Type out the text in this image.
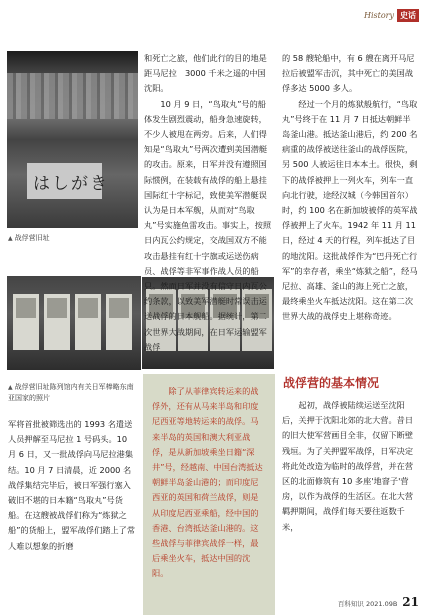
History 史话
はしがき
▲ 战俘营旧址
▲ 战俘营旧址陈列馆内有关日军棒略东南亚国家的照片

和死亡之旅，他们此行的目的地是距马尼拉　3000 千米之遥的中国沈阳。

10 月 9 日，“鸟取丸”号的船体发生剧烈震动，船身急速旋转，不少人被甩在两旁。后来，人们得知是“鸟取丸”号两次遭到美国潜艇的攻击。原来，日军并没有遵照国际惯例，在装载有战俘的船上悬挂国际红十字标记，致使美军潜艇误认为是日本军舰，从而对“鸟取丸”号实施鱼雷攻击。事实上，按照日内瓦公约规定，交战国双方不能攻击悬挂有红十字旗或运送伤病员、战俘等非军事作战人员的船只。然而日军并没有信守日内瓦公约条款，以致美军潜艇时常误击运送战俘的日本舰船。据统计，第二次世界大战期间，在日军运输盟军战俘

军将首批被筛选出的 1993 名遣送人员押解至马尼拉 1 号码头。10 月 6 日，又一批战俘向马尼拉港集结。10 月 7 日清晨，近 2000 名战俘集结完毕后，被日军强行塞入破旧不堪的日本籍“鸟取丸”号货船。在这艘被战俘们称为“炼狱之船”的货船上，盟军战俘们踏上了常人难以想象的折磨

除了从菲律宾转运来的战俘外，还有从马来半岛和印度尼西亚等地转运来的战俘。马来半岛的英国和澳大利亚战俘，是从新加坡乘坐日籍“深井”号，经越南、中国台湾抵达朝鲜半岛釜山港的；而印度尼西亚的英国和荷兰战俘，则是从印度尼西亚乘船，经中国的香港、台湾抵达釜山港的。这些战俘与菲律宾战俘一样，最后乘坐火车，抵达中国的沈阳。

的 58 艘轮船中，有 6 艘在离开马尼拉后被盟军击沉，其中死亡的美国战俘多达 5000 多人。

经过一个月的炼狱般航行，“鸟取丸”号终于在 11 月 7 日抵达朝鲜半岛釜山港。抵达釜山港后，约 200 名病重的战俘被送往釜山的战俘医院，另 500 人被运往日本本土。很快，剩下的战俘被押上一列火车，列车一直向北行驶，途经汉城（今韩国首尔）时，约 100 名在新加坡被俘的英军战俘被押上了火车。1942 年 11 月 11 日，经过 4 天的行程，列车抵达了目的地沈阳。这批战俘作为“巴丹死亡行军”的幸存者，乘坐“炼狱之船”，经马尼拉、高雄、釜山的海上死亡之旅，最终乘坐火车抵达沈阳。这在第二次世界大战的战俘史上堪称奇迹。

战俘营的基本情况

起初，战俘被陆续运送至沈阳后，关押于沈阳北郊的北大营。昔日的旧大使军营画目全非，仅留下断壁残垣。为了关押盟军战俘，日军决定将此处改造为临时的战俘营，并在营区的北面修筑有 10 多座'地窨子'营房，以作为战俘的生活区。在北大营羁押期间，战俘们每天要往返数千米，

百科知识 2021.09B 21
